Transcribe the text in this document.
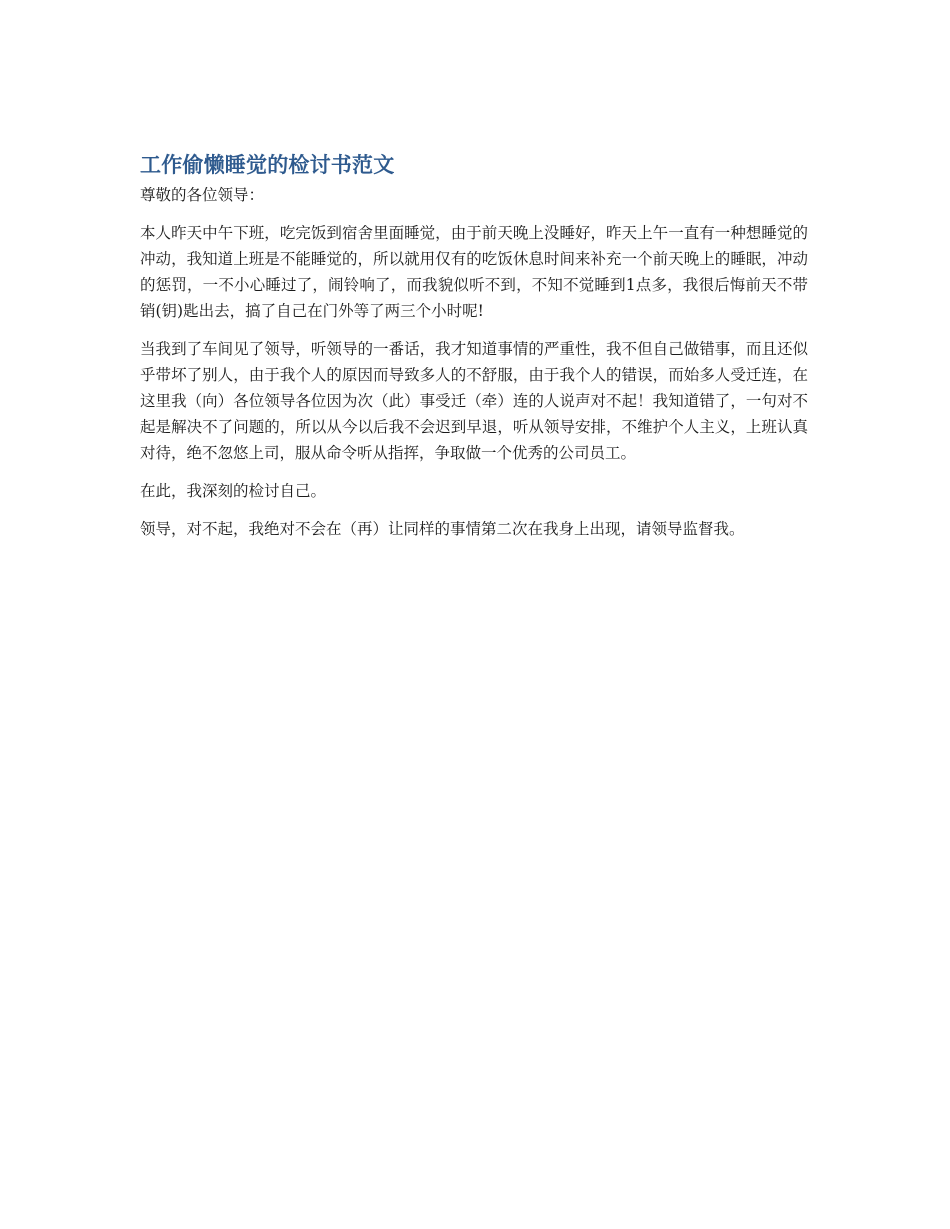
工作偷懒睡觉的检讨书范文

尊敬的各位领导：

本人昨天中午下班，吃完饭到宿舍里面睡觉，由于前天晚上没睡好，昨天上午一直有一种想睡觉的冲动，我知道上班是不能睡觉的，所以就用仅有的吃饭休息时间来补充一个前天晚上的睡眠，冲动的惩罚，一不小心睡过了，闹铃响了，而我貌似听不到，不知不觉睡到1点多，我很后悔前天不带销(钥)匙出去，搞了自己在门外等了两三个小时呢!

当我到了车间见了领导，听领导的一番话，我才知道事情的严重性，我不但自己做错事，而且还似乎带坏了别人，由于我个人的原因而导致多人的不舒服，由于我个人的错误，而始多人受迁连，在这里我（向）各位领导各位因为次（此）事受迁（牵）连的人说声对不起！我知道错了，一句对不起是解决不了问题的，所以从今以后我不会迟到早退，听从领导安排，不维护个人主义，上班认真对待，绝不忽悠上司，服从命令听从指挥，争取做一个优秀的公司员工。

在此，我深刻的检讨自己。

领导，对不起，我绝对不会在（再）让同样的事情第二次在我身上出现，请领导监督我。
